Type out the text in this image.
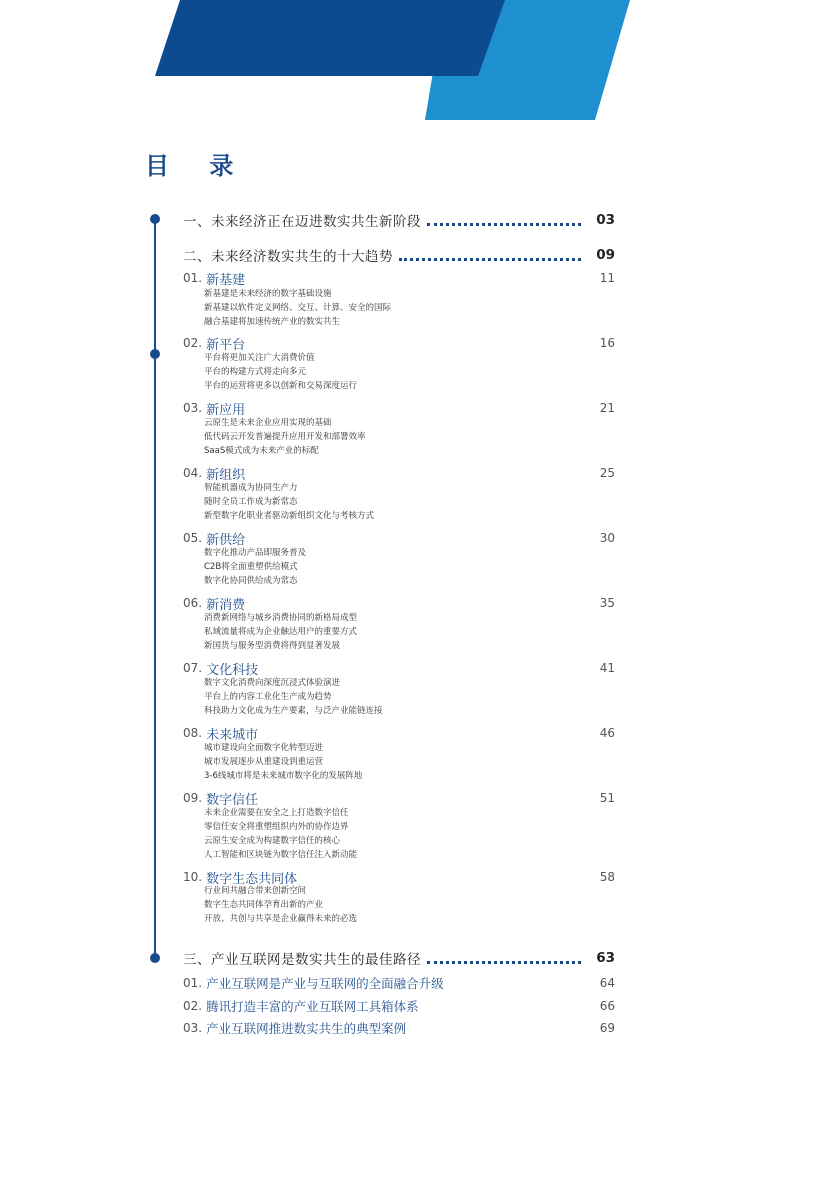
目 录
一、未来经济正在迈进数实共生新阶段	03
二、未来经济数实共生的十大趋势	09
01. 新基建	11
新基建是未来经济的数字基础设施
新基建以软件定义网络、交互、计算、安全的国际
融合基建将加速传统产业的数实共生
02. 新平台	16
平台将更加关注广大消费价值
平台的构建方式将走向多元
平台的运营将更多以创新和交易深度运行
03. 新应用	21
云原生是未来企业应用实现的基础
低代码云开发普遍提升应用开发和部署效率
SaaS模式成为未来产业的标配
04. 新组织	25
智能机器成为协同生产力
随时全员工作成为新常态
新型数字化职业者驱动新组织文化与考核方式
05. 新供给	30
数字化推动产品即服务普及
C2B将全面重塑供给模式
数字化协同供给成为常态
06. 新消费	35
消费新网络与城乡消费协同的新格局成型
私域流量将成为企业触达用户的重要方式
新国货与服务型消费将得到显著发展
07. 文化科技	41
数字文化消费向深度沉浸式体验演进
平台上的内容工业化生产成为趋势
科技助力文化成为生产要素，与泛产业能链连接
08. 未来城市	46
城市建设向全面数字化转型迈进
城市发展逐步从重建设到重运营
3-6线城市将是未来城市数字化的发展阵地
09. 数字信任	51
未来企业需要在安全之上打造数字信任
零信任安全将重塑组织内外的协作边界
云原生安全成为构建数字信任的核心
人工智能和区块链为数字信任注入新动能
10. 数字生态共同体	58
行业间共融合带来创新空间
数字生态共同体孕育出新的产业
开放、共创与共享是企业赢得未来的必选
三、产业互联网是数实共生的最佳路径	63
01. 产业互联网是产业与互联网的全面融合升级	64
02. 腾讯打造丰富的产业互联网工具箱体系	66
03. 产业互联网推进数实共生的典型案例	69
